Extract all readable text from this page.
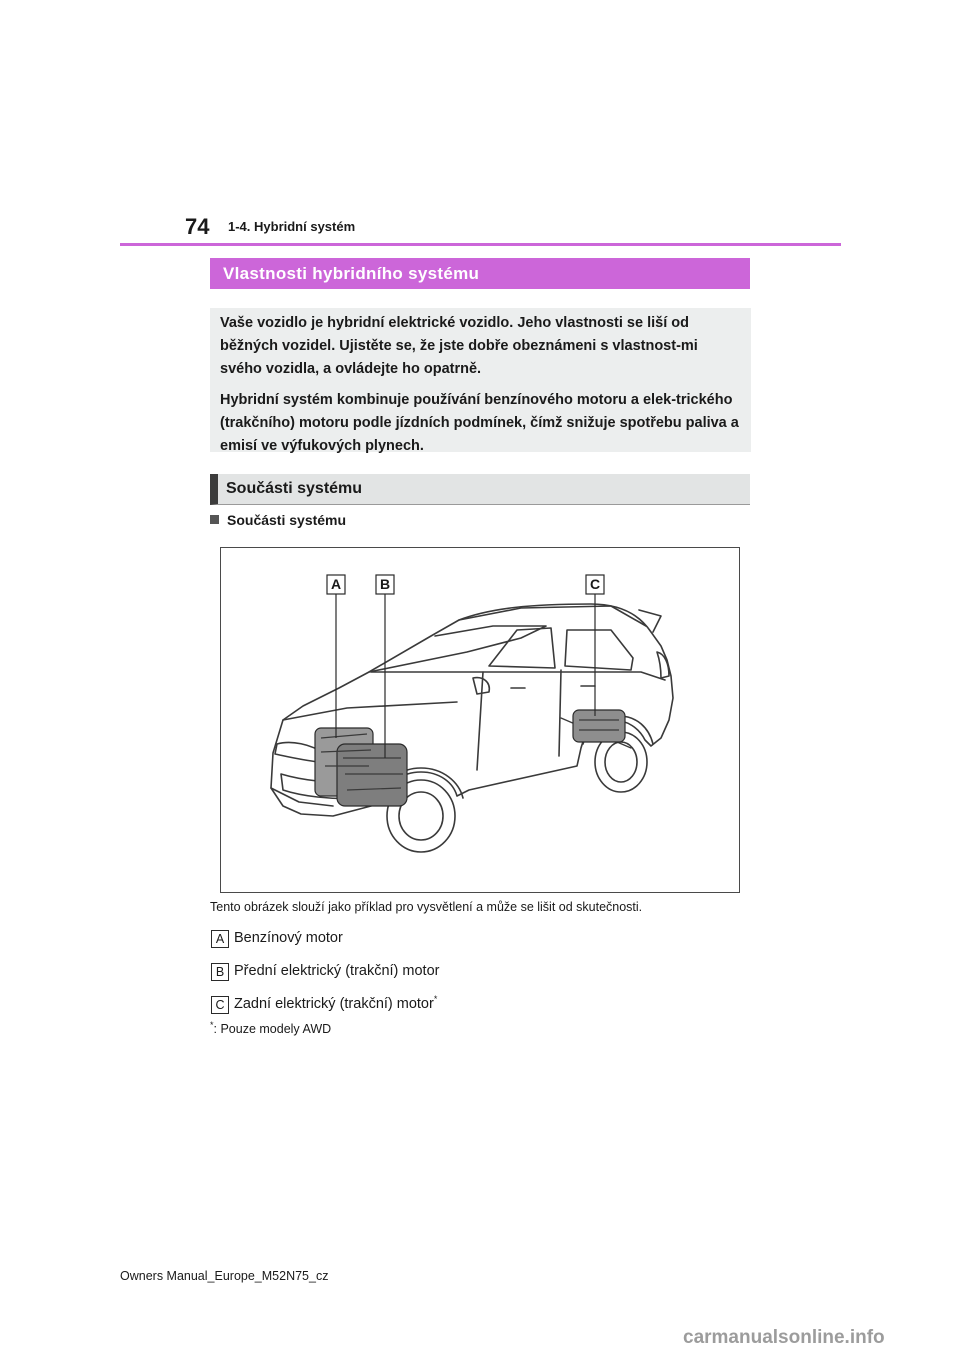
74 1-4. Hybridní systém
Vlastnosti hybridního systému

Vaše vozidlo je hybridní elektrické vozidlo. Jeho vlastnosti se liší od běžných vozidel. Ujistěte se, že jste dobře obeznámeni s vlastnost-mi svého vozidla, a ovládejte ho opatrně.

Hybridní systém kombinuje používání benzínového motoru a elek-trického (trakčního) motoru podle jízdních podmínek, čímž snižuje spotřebu paliva a emisí ve výfukových plynech.

Součásti systému
Součásti systému
A	B	C
Tento obrázek slouží jako příklad pro vysvětlení a může se lišit od skutečnosti.
A Benzínový motor
B Přední elektrický (trakční) motor
C Zadní elektrický (trakční) motor*
*: Pouze modely AWD
Owners Manual_Europe_M52N75_cz
carmanualsonline.info
